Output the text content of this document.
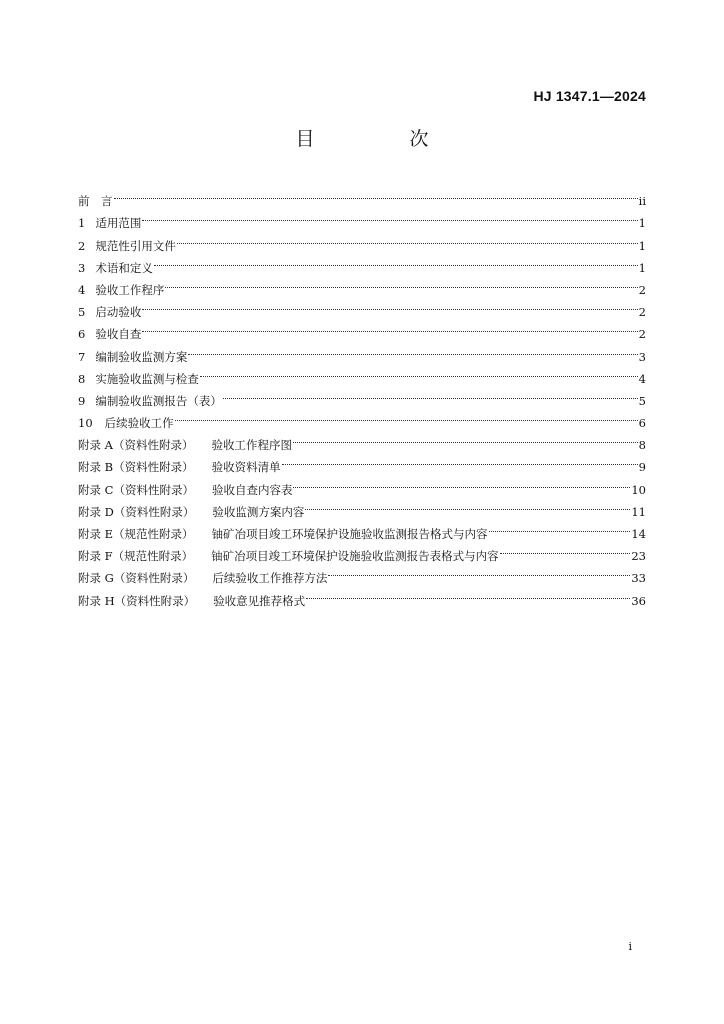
HJ 1347.1—2024
目　次
前　言	ii
1 适用范围	1
2 规范性引用文件	1
3 术语和定义	1
4 验收工作程序	2
5 启动验收	2
6 验收自查	2
7 编制验收监测方案	3
8 实施验收监测与检查	4
9 编制验收监测报告（表）	5
10 后续验收工作	6
附录 A（资料性附录） 验收工作程序图	8
附录 B（资料性附录） 验收资料清单	9
附录 C（资料性附录） 验收自查内容表	10
附录 D（资料性附录） 验收监测方案内容	11
附录 E（规范性附录） 铀矿冶项目竣工环境保护设施验收监测报告格式与内容	14
附录 F（规范性附录） 铀矿冶项目竣工环境保护设施验收监测报告表格式与内容	23
附录 G（资料性附录） 后续验收工作推荐方法	33
附录 H（资料性附录） 验收意见推荐格式	36
i
